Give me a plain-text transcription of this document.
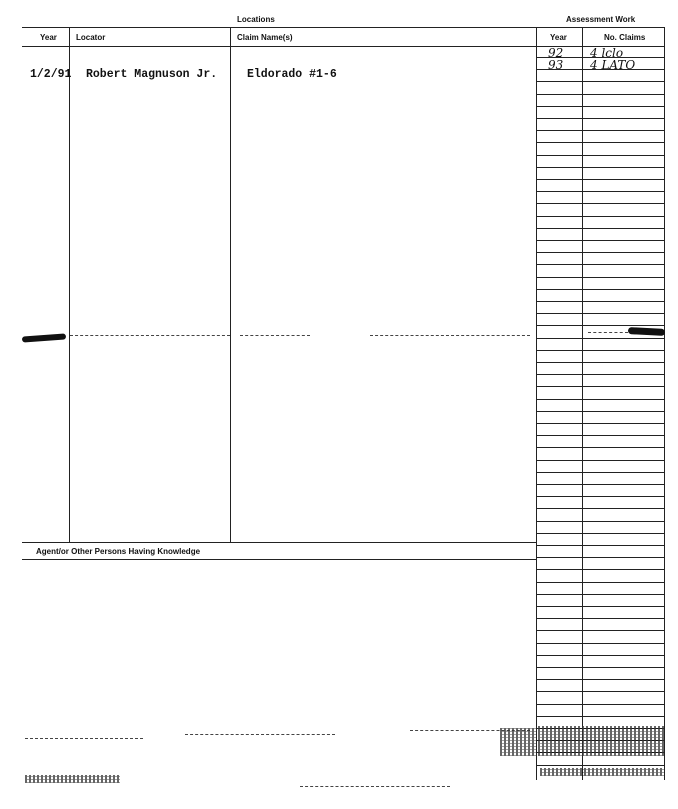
Locations	Assessment Work
Year Locator	Claim Name(s)	Year	No. Claims
1/2/91 Robert Magnuson Jr.	Eldorado #1-6
92 4 lclo
93 4 LATO
Agent/or Other Persons Having Knowledge
